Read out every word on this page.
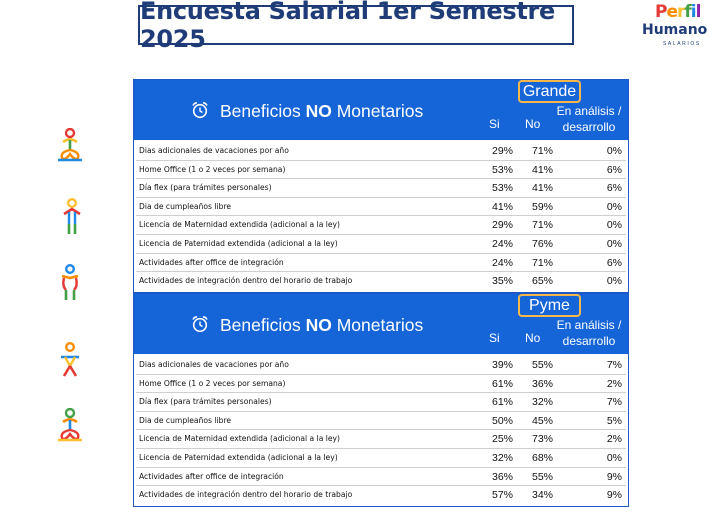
Encuesta Salarial 1er Semestre 2025
Perfil
Humano
SALARIOS
Beneficios NO Monetarios
Grande
Si No
En análisis / desarrollo
Dias adicionales de vacaciones por año	29%	71%	0%
Home Office (1 o 2 veces por semana)	53%	41%	6%
Día flex (para trámites personales)	53%	41%	6%
Dia de cumpleaños libre	41%	59%	0%
Licencia de Maternidad extendida (adicional a la ley)	29%	71%	0%
Licencia de Paternidad extendida (adicional a la ley)	24%	76%	0%
Actividades after office de integración	24%	71%	6%
Actividades de integración dentro del horario de trabajo	35%	65%	0%
Beneficios NO Monetarios
Pyme
Si No
En análisis / desarrollo
Dias adicionales de vacaciones por año	39%	55%	7%
Home Office (1 o 2 veces por semana)	61%	36%	2%
Día flex (para trámites personales)	61%	32%	7%
Dia de cumpleaños libre	50%	45%	5%
Licencia de Maternidad extendida (adicional a la ley)	25%	73%	2%
Licencia de Paternidad extendida (adicional a la ley)	32%	68%	0%
Actividades after office de integración	36%	55%	9%
Actividades de integración dentro del horario de trabajo	57%	34%	9%
